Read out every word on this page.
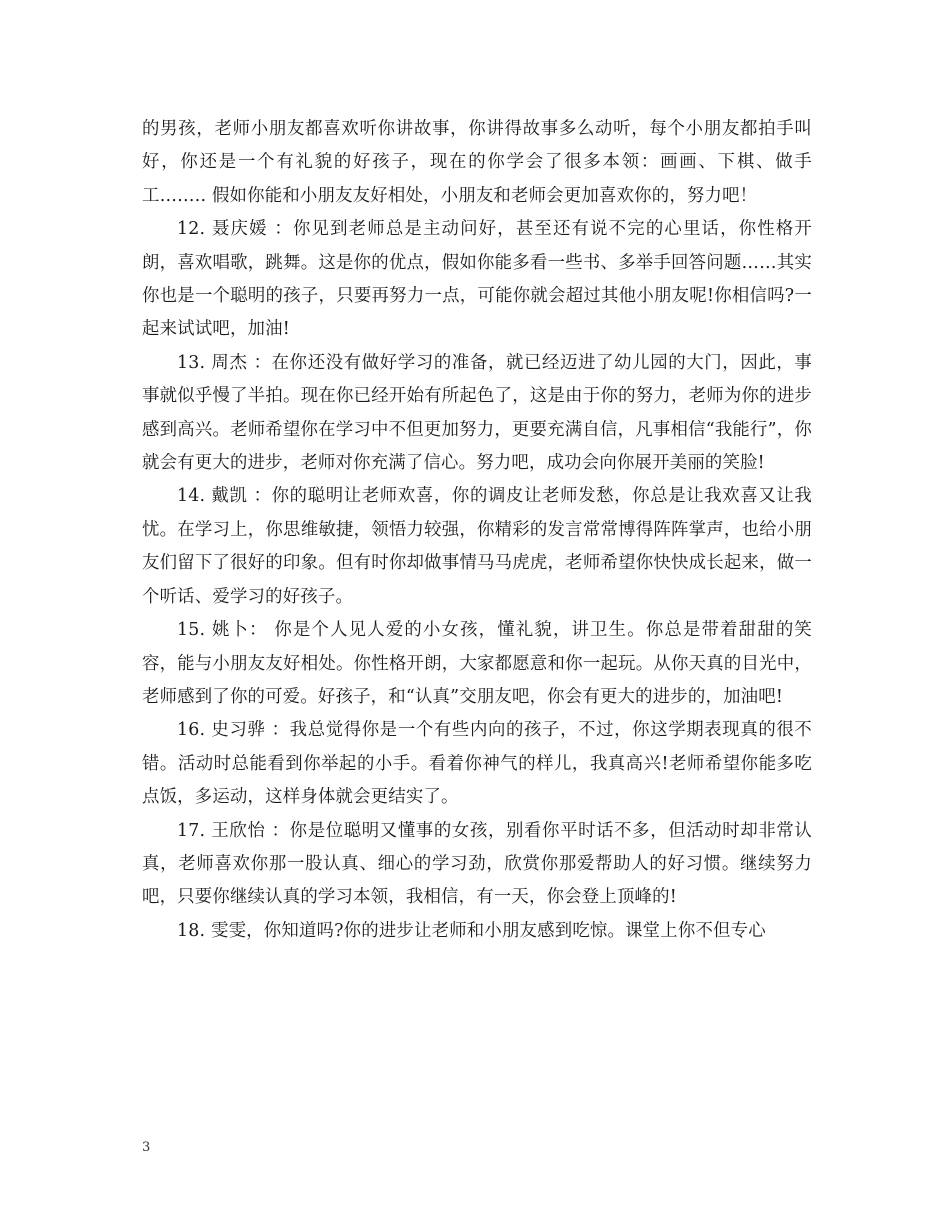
的男孩，老师小朋友都喜欢听你讲故事，你讲得故事多么动听，每个小朋友都拍手叫好，你还是一个有礼貌的好孩子，现在的你学会了很多本领：画画、下棋、做手工…….. 假如你能和小朋友友好相处，小朋友和老师会更加喜欢你的，努力吧！

12. 聂庆媛 ：你见到老师总是主动问好，甚至还有说不完的心里话，你性格开朗，喜欢唱歌，跳舞。这是你的优点，假如你能多看一些书、多举手回答问题……其实你也是一个聪明的孩子，只要再努力一点，可能你就会超过其他小朋友呢!你相信吗?一起来试试吧，加油!

13. 周杰 ：在你还没有做好学习的准备，就已经迈进了幼儿园的大门，因此，事事就似乎慢了半拍。现在你已经开始有所起色了，这是由于你的努力，老师为你的进步感到高兴。老师希望你在学习中不但更加努力，更要充满自信，凡事相信“我能行”，你就会有更大的进步，老师对你充满了信心。努力吧，成功会向你展开美丽的笑脸!

14. 戴凯 ：你的聪明让老师欢喜，你的调皮让老师发愁，你总是让我欢喜又让我忧。在学习上，你思维敏捷，领悟力较强，你精彩的发言常常博得阵阵掌声，也给小朋友们留下了很好的印象。但有时你却做事情马马虎虎，老师希望你快快成长起来，做一个听话、爱学习的好孩子。

15. 姚卜： 你是个人见人爱的小女孩，懂礼貌，讲卫生。你总是带着甜甜的笑容，能与小朋友友好相处。你性格开朗，大家都愿意和你一起玩。从你天真的目光中，老师感到了你的可爱。好孩子，和“认真”交朋友吧，你会有更大的进步的，加油吧!

16. 史习骅 ：我总觉得你是一个有些内向的孩子，不过，你这学期表现真的很不错。活动时总能看到你举起的小手。看着你神气的样儿，我真高兴!老师希望你能多吃点饭，多运动，这样身体就会更结实了。

17. 王欣怡 ：你是位聪明又懂事的女孩，别看你平时话不多，但活动时却非常认真，老师喜欢你那一股认真、细心的学习劲，欣赏你那爱帮助人的好习惯。继续努力吧，只要你继续认真的学习本领，我相信，有一天，你会登上顶峰的!

18. 雯雯，你知道吗?你的进步让老师和小朋友感到吃惊。课堂上你不但专心

3
